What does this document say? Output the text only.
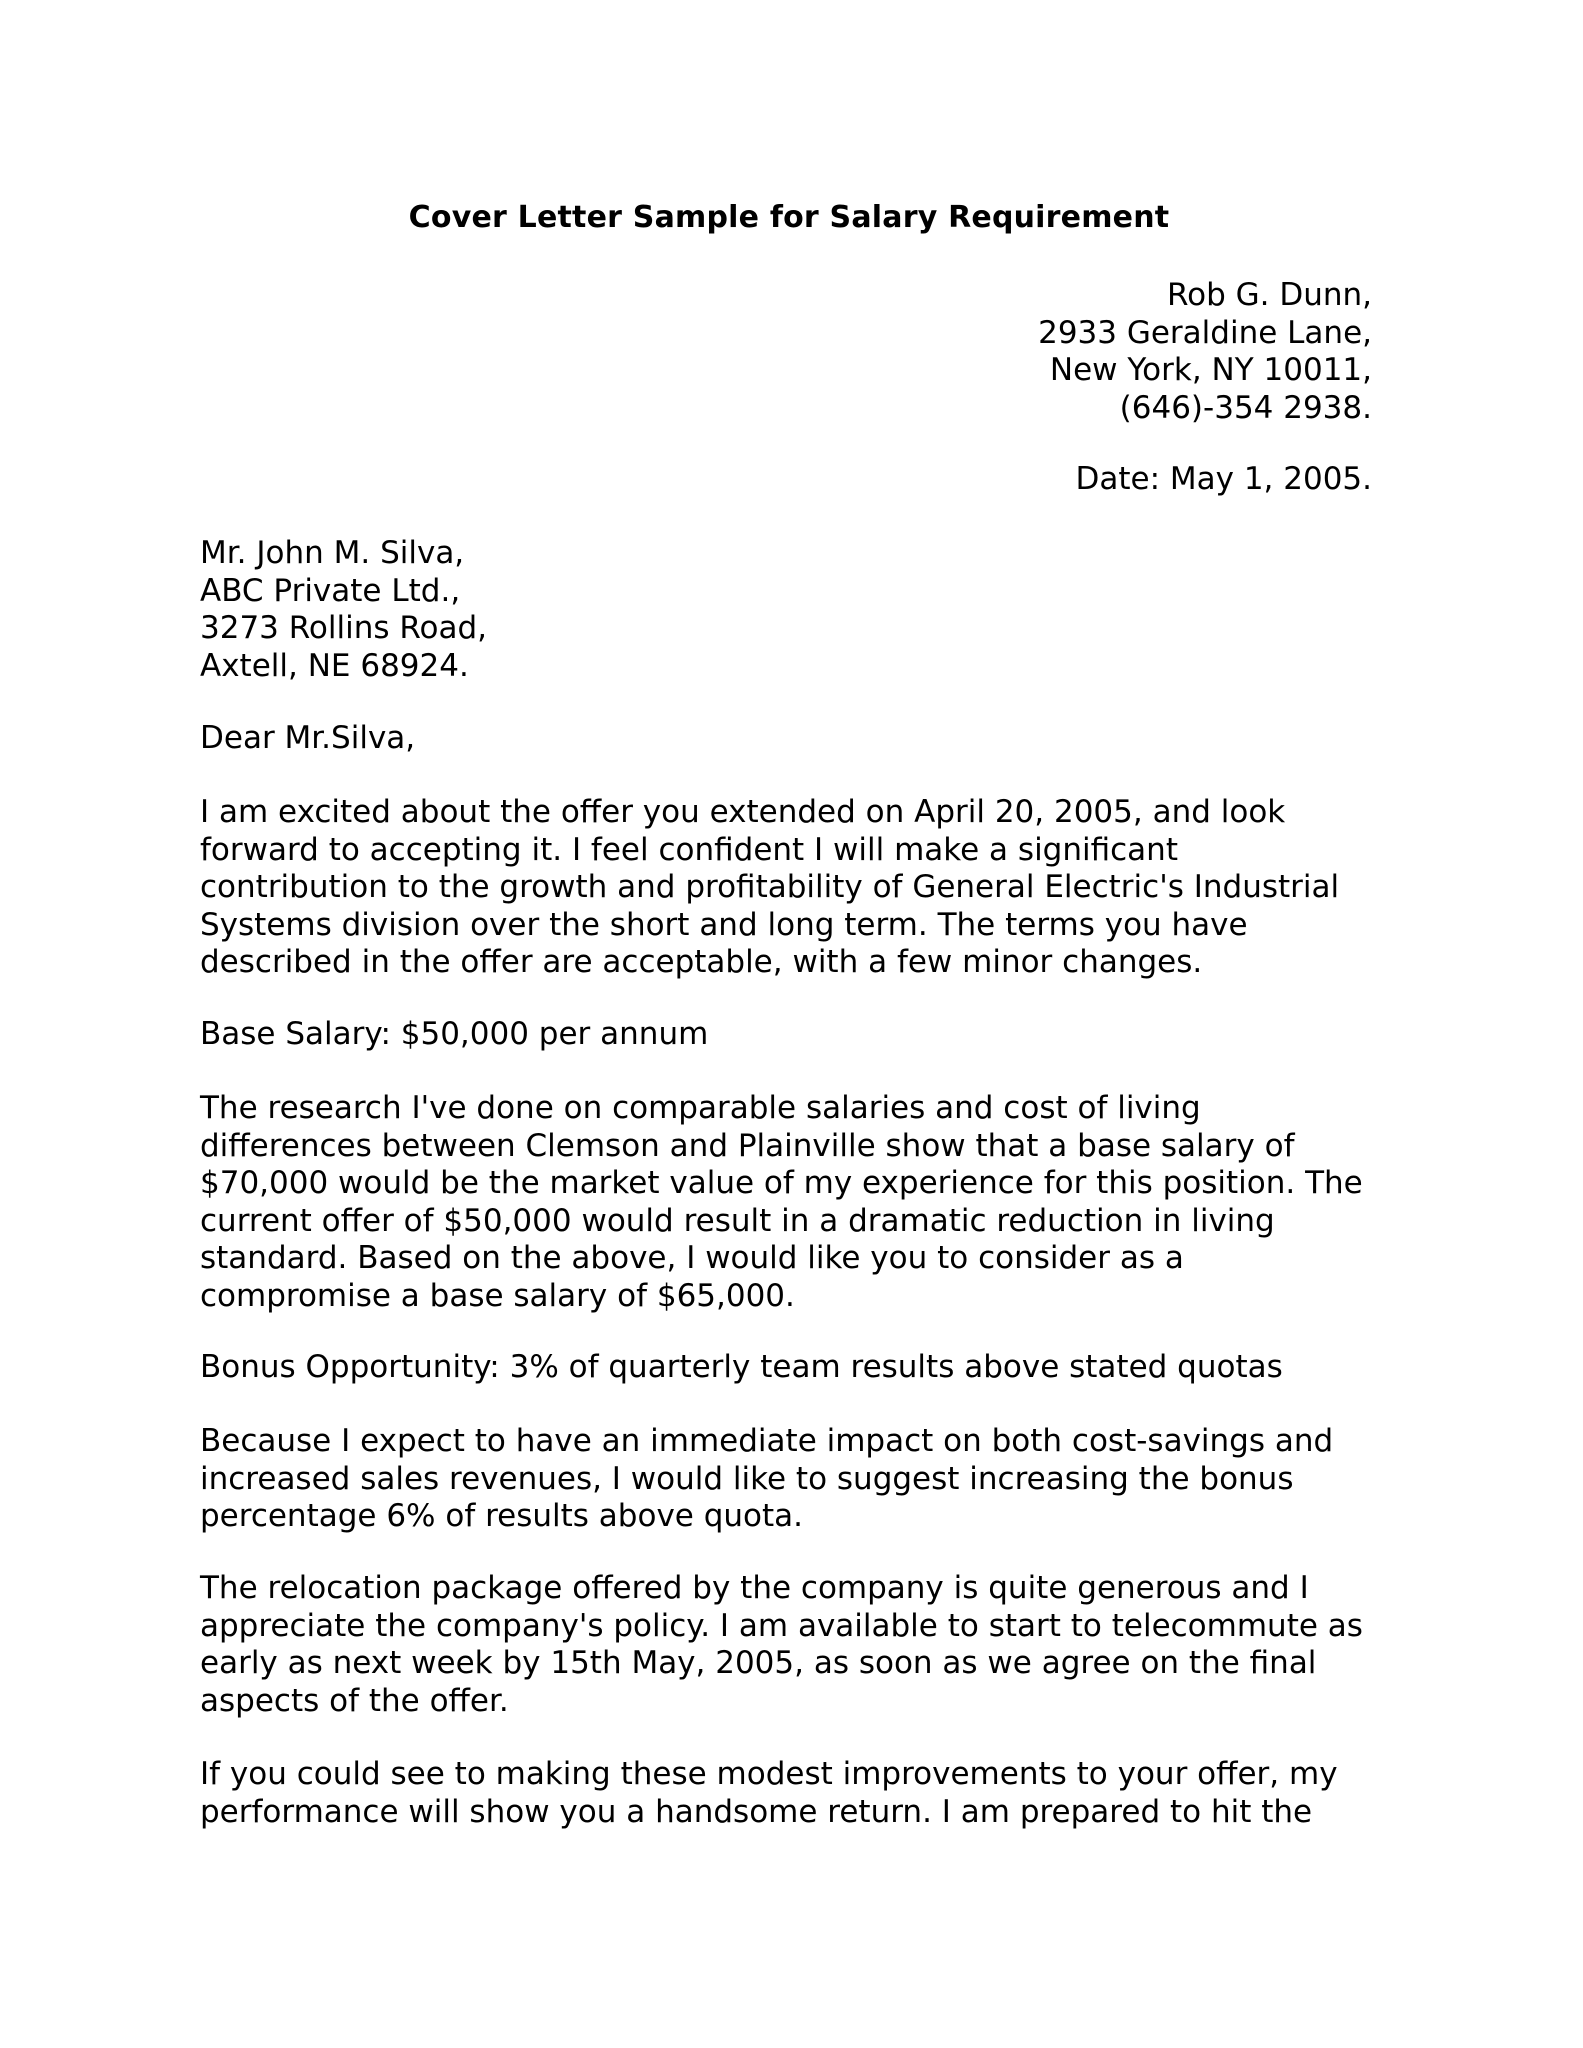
Cover Letter Sample for Salary Requirement
Rob G. Dunn,
2933 Geraldine Lane,
New York, NY 10011,
(646)-354 2938.
Date: May 1, 2005.
Mr. John M. Silva,
ABC Private Ltd.,
3273 Rollins Road,
Axtell, NE 68924.
Dear Mr.Silva,
I am excited about the offer you extended on April 20, 2005, and look
forward to accepting it. I feel confident I will make a significant
contribution to the growth and profitability of General Electric's Industrial
Systems division over the short and long term. The terms you have
described in the offer are acceptable, with a few minor changes.
Base Salary: $50,000 per annum
The research I've done on comparable salaries and cost of living
differences between Clemson and Plainville show that a base salary of
$70,000 would be the market value of my experience for this position. The
current offer of $50,000 would result in a dramatic reduction in living
standard. Based on the above, I would like you to consider as a
compromise a base salary of $65,000.
Bonus Opportunity: 3% of quarterly team results above stated quotas
Because I expect to have an immediate impact on both cost-savings and
increased sales revenues, I would like to suggest increasing the bonus
percentage 6% of results above quota.
The relocation package offered by the company is quite generous and I
appreciate the company's policy. I am available to start to telecommute as
early as next week by 15th May, 2005, as soon as we agree on the final
aspects of the offer.
If you could see to making these modest improvements to your offer, my
performance will show you a handsome return. I am prepared to hit the
